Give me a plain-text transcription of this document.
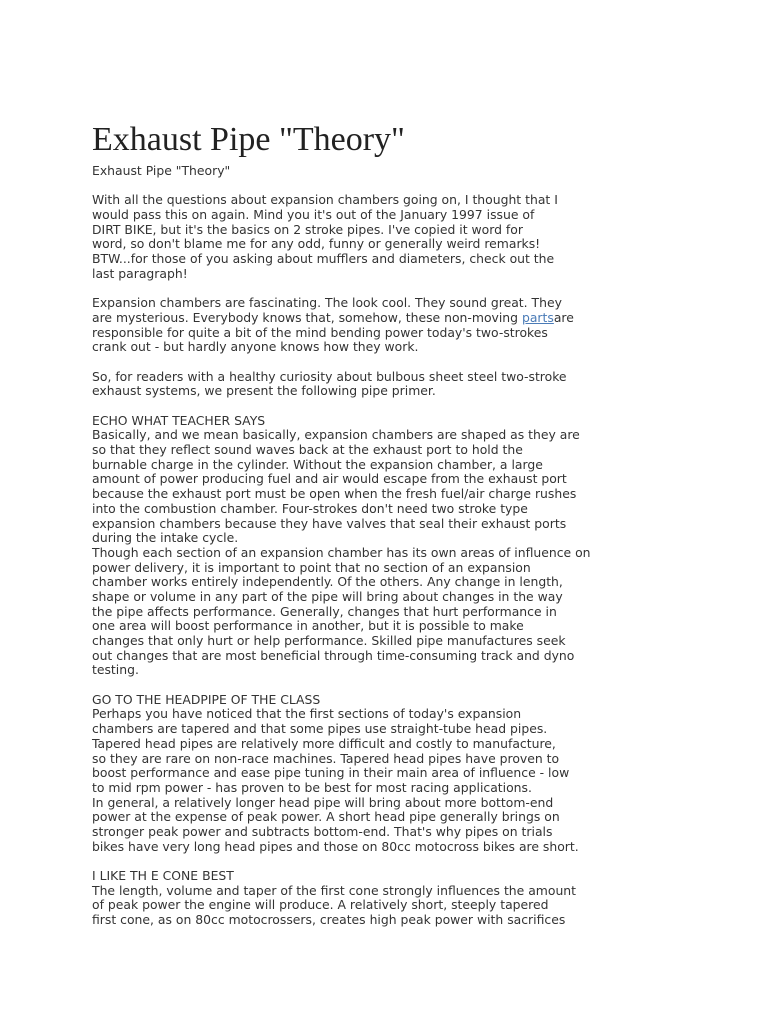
Exhaust Pipe "Theory"
Exhaust Pipe "Theory"
With all the questions about expansion chambers going on, I thought that I
would pass this on again. Mind you it's out of the January 1997 issue of
DIRT BIKE, but it's the basics on 2 stroke pipes. I've copied it word for
word, so don't blame me for any odd, funny or generally weird remarks!
BTW...for those of you asking about mufflers and diameters, check out the
last paragraph!
Expansion chambers are fascinating. The look cool. They sound great. They
are mysterious. Everybody knows that, somehow, these non-moving partsare
responsible for quite a bit of the mind bending power today's two-strokes
crank out - but hardly anyone knows how they work.
So, for readers with a healthy curiosity about bulbous sheet steel two-stroke
exhaust systems, we present the following pipe primer.
ECHO WHAT TEACHER SAYS
Basically, and we mean basically, expansion chambers are shaped as they are
so that they reflect sound waves back at the exhaust port to hold the
burnable charge in the cylinder. Without the expansion chamber, a large
amount of power producing fuel and air would escape from the exhaust port
because the exhaust port must be open when the fresh fuel/air charge rushes
into the combustion chamber. Four-strokes don't need two stroke type
expansion chambers because they have valves that seal their exhaust ports
during the intake cycle.
Though each section of an expansion chamber has its own areas of influence on
power delivery, it is important to point that no section of an expansion
chamber works entirely independently. Of the others. Any change in length,
shape or volume in any part of the pipe will bring about changes in the way
the pipe affects performance. Generally, changes that hurt performance in
one area will boost performance in another, but it is possible to make
changes that only hurt or help performance. Skilled pipe manufactures seek
out changes that are most beneficial through time-consuming track and dyno
testing.
GO TO THE HEADPIPE OF THE CLASS
Perhaps you have noticed that the first sections of today's expansion
chambers are tapered and that some pipes use straight-tube head pipes.
Tapered head pipes are relatively more difficult and costly to manufacture,
so they are rare on non-race machines. Tapered head pipes have proven to
boost performance and ease pipe tuning in their main area of influence - low
to mid rpm power - has proven to be best for most racing applications.
In general, a relatively longer head pipe will bring about more bottom-end
power at the expense of peak power. A short head pipe generally brings on
stronger peak power and subtracts bottom-end. That's why pipes on trials
bikes have very long head pipes and those on 80cc motocross bikes are short.
I LIKE TH E CONE BEST
The length, volume and taper of the first cone strongly influences the amount
of peak power the engine will produce. A relatively short, steeply tapered
first cone, as on 80cc motocrossers, creates high peak power with sacrifices
